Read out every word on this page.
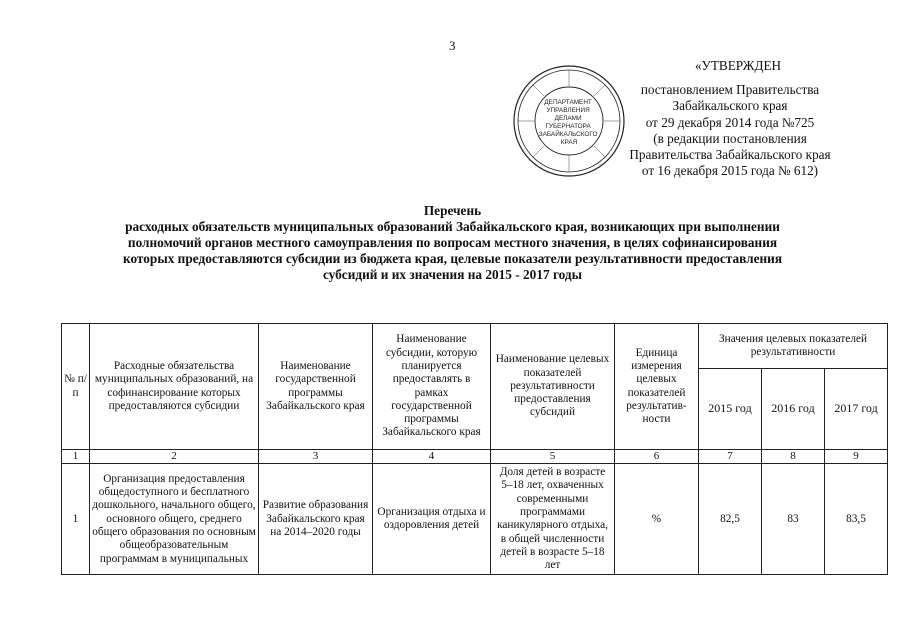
3
ДЕПАРТАМЕНТ УПРАВЛЕНИЯ ДЕЛАМИ ГУБЕРНАТОРА ЗАБАЙКАЛЬСКОГО КРАЯ
«УТВЕРЖДЕН
постановлением Правительства
Забайкальского края
от 29 декабря 2014 года №725
(в редакции постановления
Правительства Забайкальского края
от 16 декабря 2015 года № 612)
Перечень
расходных обязательств муниципальных образований Забайкальского края, возникающих при выполнении
полномочий органов местного самоуправления по вопросам местного значения, в целях софинансирования
которых предоставляются субсидии из бюджета края, целевые показатели результативности предоставления
субсидий и их значения на 2015 - 2017 годы
№ п/п	Расходные обязательства муниципальных образований, на софинансирование которых предоставляются субсидии	Наименование государственной программы Забайкальского края	Наименование субсидии, которую планируется предоставлять в рамках государственной программы Забайкальского края	Наименование целевых показателей результативности предоставления субсидий	Единица измерения целевых показателей результатив-ности	Значения целевых показателей результативности		
						2015 год	2016 год	2017 год
1	2	3	4	5	6	7	8	9
1	Организация предоставления общедоступного и бесплатного дошкольного, начального общего, основного общего, среднего общего образования по основным общеобразовательным программам в муниципальных	Развитие образования Забайкальского края на 2014–2020 годы	Организация отдыха и оздоровления детей	Доля детей в возрасте 5–18 лет, охваченных современными программами каникулярного отдыха, в общей численности детей в возрасте 5–18 лет	%	82,5	83	83,5
